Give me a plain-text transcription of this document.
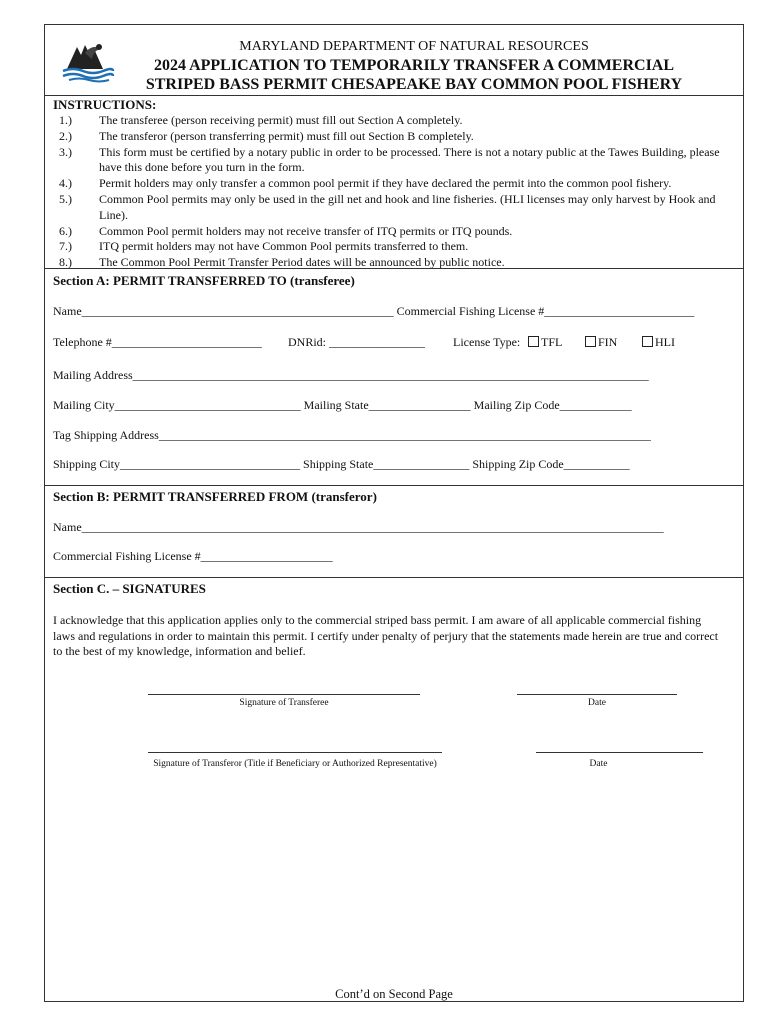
MARYLAND DEPARTMENT OF NATURAL RESOURCES
2024 APPLICATION TO TEMPORARILY TRANSFER A COMMERCIAL
STRIPED BASS PERMIT CHESAPEAKE BAY COMMON POOL FISHERY
INSTRUCTIONS:
1.) The transferee (person receiving permit) must fill out Section A completely.
2.) The transferor (person transferring permit) must fill out Section B completely.
3.) This form must be certified by a notary public in order to be processed. There is not a notary public at the Tawes Building, please have this done before you turn in the form.
4.) Permit holders may only transfer a common pool permit if they have declared the permit into the common pool fishery.
5.) Common Pool permits may only be used in the gill net and hook and line fisheries. (HLI licenses may only harvest by Hook and Line).
6.) Common Pool permit holders may not receive transfer of ITQ permits or ITQ pounds.
7.) ITQ permit holders may not have Common Pool permits transferred to them.
8.) The Common Pool Permit Transfer Period dates will be announced by public notice.
Section A: PERMIT TRANSFERRED TO (transferee)
Name____________________________________________________ Commercial Fishing License #_________________________
Telephone #_________________________ DNRid: ________________ License Type:	TFL	FIN	HLI
Mailing Address______________________________________________________________________________________
Mailing City_______________________________ Mailing State_________________ Mailing Zip Code____________
Tag Shipping Address__________________________________________________________________________________
Shipping City______________________________ Shipping State________________ Shipping Zip Code___________
Section B: PERMIT TRANSFERRED FROM (transferor)
Name_________________________________________________________________________________________________
Commercial Fishing License #______________________
Section C. – SIGNATURES
I acknowledge that this application applies only to the commercial striped bass permit. I am aware of all applicable commercial fishing laws and regulations in order to maintain this permit. I certify under penalty of perjury that the statements made herein are true and correct to the best of my knowledge, information and belief.
Signature of Transferee	Date
Signature of Transferor (Title if Beneficiary or Authorized Representative)	Date
Cont’d on Second Page
